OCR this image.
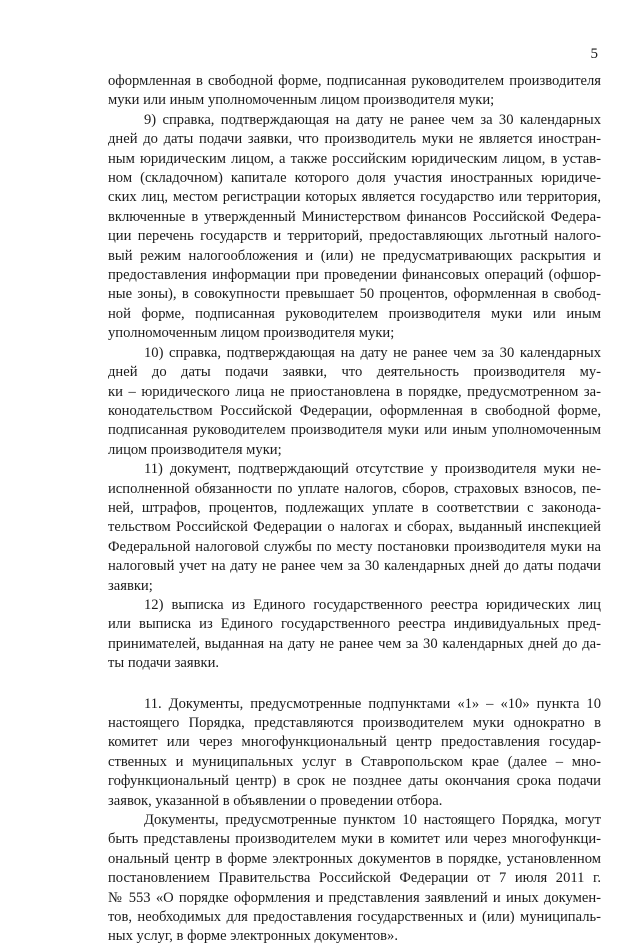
5
оформленная в свободной форме, подписанная руководителем производителя
муки или иным уполномоченным лицом производителя муки;
9) справка, подтверждающая на дату не ранее чем за 30 календарных
дней до даты подачи заявки, что производитель муки не является иностран-
ным юридическим лицом, а также российским юридическим лицом, в устав-
ном (складочном) капитале которого доля участия иностранных юридиче-
ских лиц, местом регистрации которых является государство или территория,
включенные в утвержденный Министерством финансов Российской Федера-
ции перечень государств и территорий, предоставляющих льготный налого-
вый режим налогообложения и (или) не предусматривающих раскрытия и
предоставления информации при проведении финансовых операций (офшор-
ные зоны), в совокупности превышает 50 процентов, оформленная в свобод-
ной форме, подписанная руководителем производителя муки или иным
уполномоченным лицом производителя муки;
10) справка, подтверждающая на дату не ранее чем за 30 календарных
дней до даты подачи заявки, что деятельность производителя му-
ки – юридического лица не приостановлена в порядке, предусмотренном за-
конодательством Российской Федерации, оформленная в свободной форме,
подписанная руководителем производителя муки или иным уполномоченным
лицом производителя муки;
11) документ, подтверждающий отсутствие у производителя муки не-
исполненной обязанности по уплате налогов, сборов, страховых взносов, пе-
ней, штрафов, процентов, подлежащих уплате в соответствии с законода-
тельством Российской Федерации о налогах и сборах, выданный инспекцией
Федеральной налоговой службы по месту постановки производителя муки на
налоговый учет на дату не ранее чем за 30 календарных дней до даты подачи
заявки;
12) выписка из Единого государственного реестра юридических лиц
или выписка из Единого государственного реестра индивидуальных пред-
принимателей, выданная на дату не ранее чем за 30 календарных дней до да-
ты подачи заявки.
11. Документы, предусмотренные подпунктами «1» – «10» пункта 10
настоящего Порядка, представляются производителем муки однократно в
комитет или через многофункциональный центр предоставления государ-
ственных и муниципальных услуг в Ставропольском крае (далее – мно-
гофункциональный центр) в срок не позднее даты окончания срока подачи
заявок, указанной в объявлении о проведении отбора.
Документы, предусмотренные пунктом 10 настоящего Порядка, могут
быть представлены производителем муки в комитет или через многофункци-
ональный центр в форме электронных документов в порядке, установленном
постановлением Правительства Российской Федерации от 7 июля 2011 г.
№ 553 «О порядке оформления и представления заявлений и иных докумен-
тов, необходимых для предоставления государственных и (или) муниципаль-
ных услуг, в форме электронных документов».
